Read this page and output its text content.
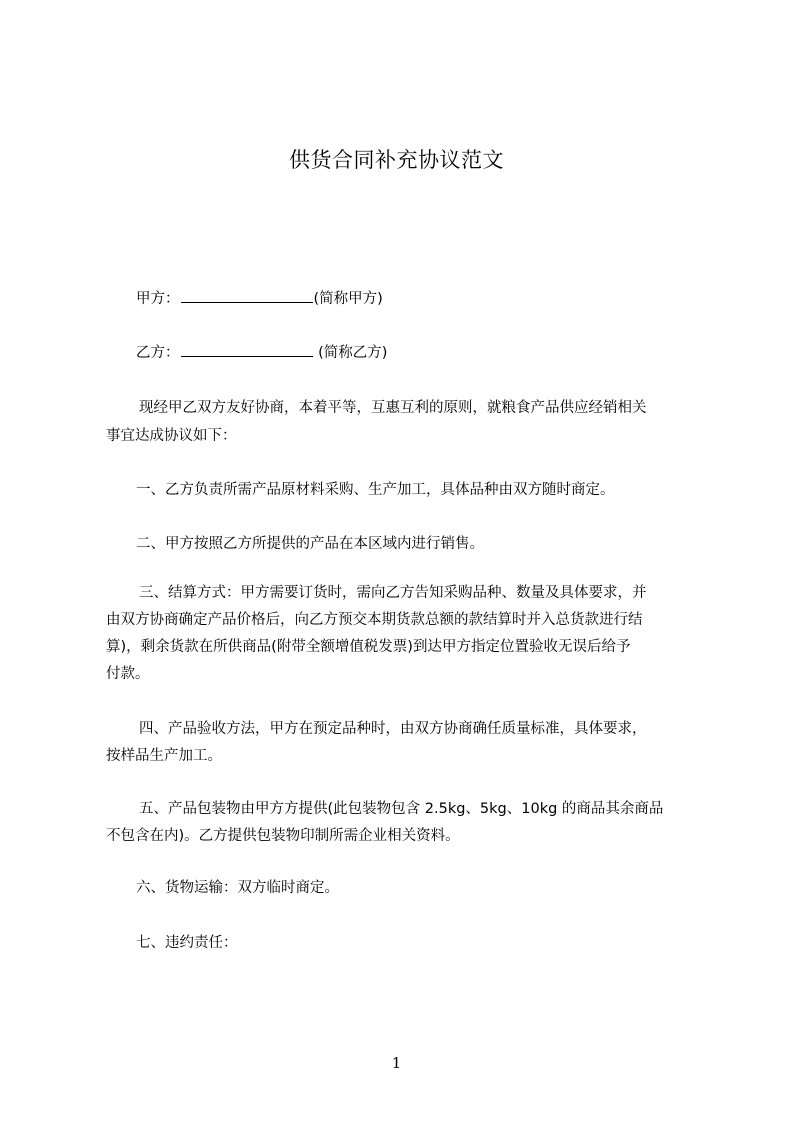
供货合同补充协议范文
甲方：	(简称甲方)
乙方：	(简称乙方)
现经甲乙双方友好协商，本着平等，互惠互利的原则，就粮食产品供应经销相关
事宜达成协议如下：
一、乙方负责所需产品原材料采购、生产加工，具体品种由双方随时商定。
二、甲方按照乙方所提供的产品在本区域内进行销售。
三、结算方式：甲方需要订货时，需向乙方告知采购品种、数量及具体要求，并
由双方协商确定产品价格后，向乙方预交本期货款总额的款结算时并入总货款进行结
算)，剩余货款在所供商品(附带全额增值税发票)到达甲方指定位置验收无误后给予
付款。
四、产品验收方法，甲方在预定品种时，由双方协商确任质量标准，具体要求，
按样品生产加工。
五、产品包装物由甲方方提供(此包装物包含 2.5kg、5kg、10kg 的商品其余商品
不包含在内)。乙方提供包装物印制所需企业相关资料。
六、货物运输：双方临时商定。
七、违约责任：
1
